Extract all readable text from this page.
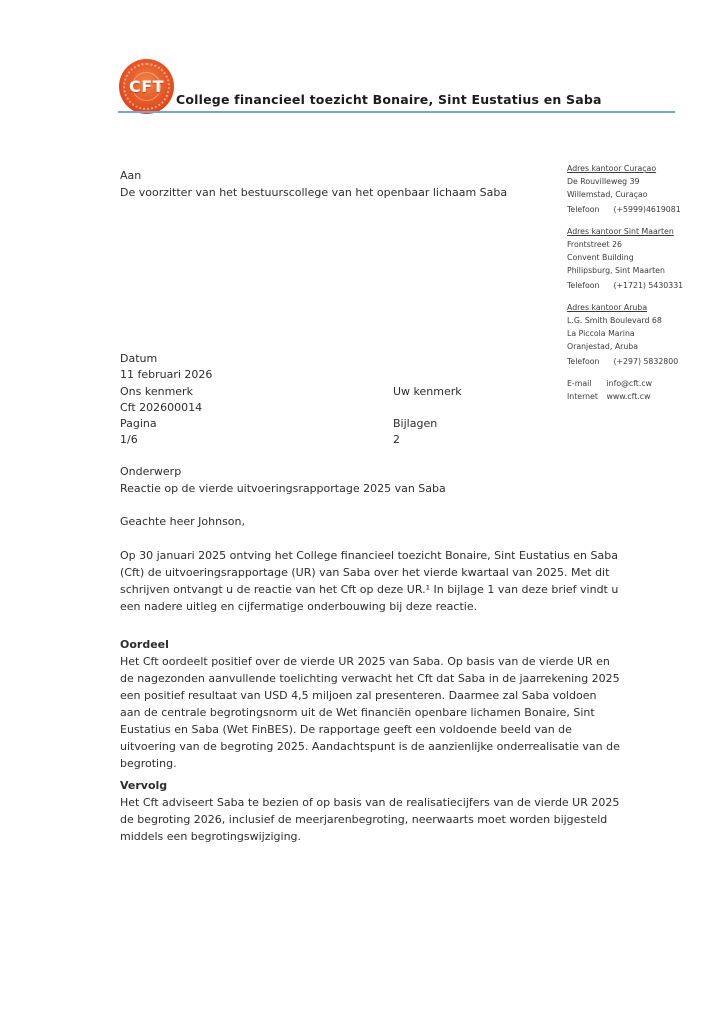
CFT
College financieel toezicht Bonaire, Sint Eustatius en Saba
Aan
De voorzitter van het bestuurscollege van het openbaar lichaam Saba
Adres kantoor Curaçao
De Rouvilleweg 39
Willemstad, Curaçao
Telefoon (+5999)4619081
Adres kantoor Sint Maarten
Frontstreet 26
Convent Building
Philipsburg, Sint Maarten
Telefoon (+1721) 5430331
Adres kantoor Aruba
L.G. Smith Boulevard 68
La Piccola Marina
Oranjestad, Aruba
Telefoon (+297) 5832800
E-mail info@cft.cw
Internet www.cft.cw
Datum
11 februari 2026
Ons kenmerk	Uw kenmerk
Cft 202600014
Pagina	Bijlagen
1/6	2
Onderwerp
Reactie op de vierde uitvoeringsrapportage 2025 van Saba
Geachte heer Johnson,
Op 30 januari 2025 ontving het College financieel toezicht Bonaire, Sint Eustatius en Saba (Cft) de uitvoeringsrapportage (UR) van Saba over het vierde kwartaal van 2025. Met dit schrijven ontvangt u de reactie van het Cft op deze UR.¹ In bijlage 1 van deze brief vindt u een nadere uitleg en cijfermatige onderbouwing bij deze reactie.
Oordeel
Het Cft oordeelt positief over de vierde UR 2025 van Saba. Op basis van de vierde UR en de nagezonden aanvullende toelichting verwacht het Cft dat Saba in de jaarrekening 2025 een positief resultaat van USD 4,5 miljoen zal presenteren. Daarmee zal Saba voldoen aan de centrale begrotingsnorm uit de Wet financiën openbare lichamen Bonaire, Sint Eustatius en Saba (Wet FinBES). De rapportage geeft een voldoende beeld van de uitvoering van de begroting 2025. Aandachtspunt is de aanzienlijke onderrealisatie van de begroting.
Vervolg
Het Cft adviseert Saba te bezien of op basis van de realisatiecijfers van de vierde UR 2025 de begroting 2026, inclusief de meerjarenbegroting, neerwaarts moet worden bijgesteld middels een begrotingswijziging.
